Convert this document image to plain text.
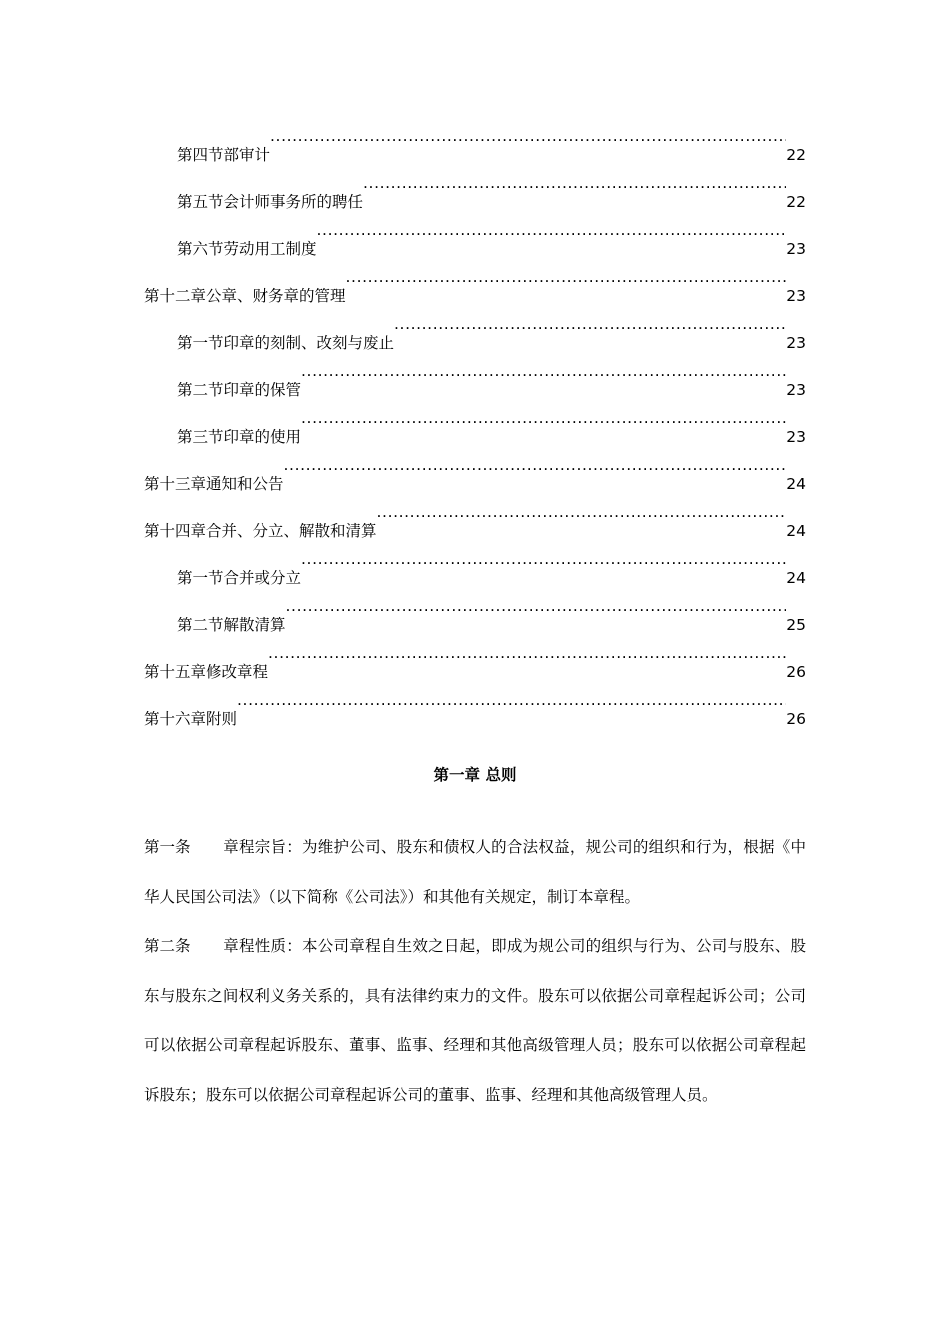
第四节部审计 .....	22
第五节会计师事务所的聘任 .....	22
第六节劳动用工制度 .....	23
第十二章公章、财务章的管理 .....	23
第一节印章的刻制、改刻与废止 .....	23
第二节印章的保管 .....	23
第三节印章的使用 .....	23
第十三章通知和公告 .....	24
第十四章合并、分立、解散和清算 .....	24
第一节合并或分立 .....	24
第二节解散清算 .....	25
第十五章修改章程 .....	26
第十六章附则 .....	26
第一章 总则
第一条 章程宗旨：为维护公司、股东和债权人的合法权益，规公司的组织和行为，根据《中华人民国公司法》（以下简称《公司法》）和其他有关规定，制订本章程。
第二条 章程性质：本公司章程自生效之日起，即成为规公司的组织与行为、公司与股东、股东与股东之间权利义务关系的，具有法律约束力的文件。股东可以依据公司章程起诉公司；公司可以依据公司章程起诉股东、董事、监事、经理和其他高级管理人员；股东可以依据公司章程起诉股东；股东可以依据公司章程起诉公司的董事、监事、经理和其他高级管理人员。
